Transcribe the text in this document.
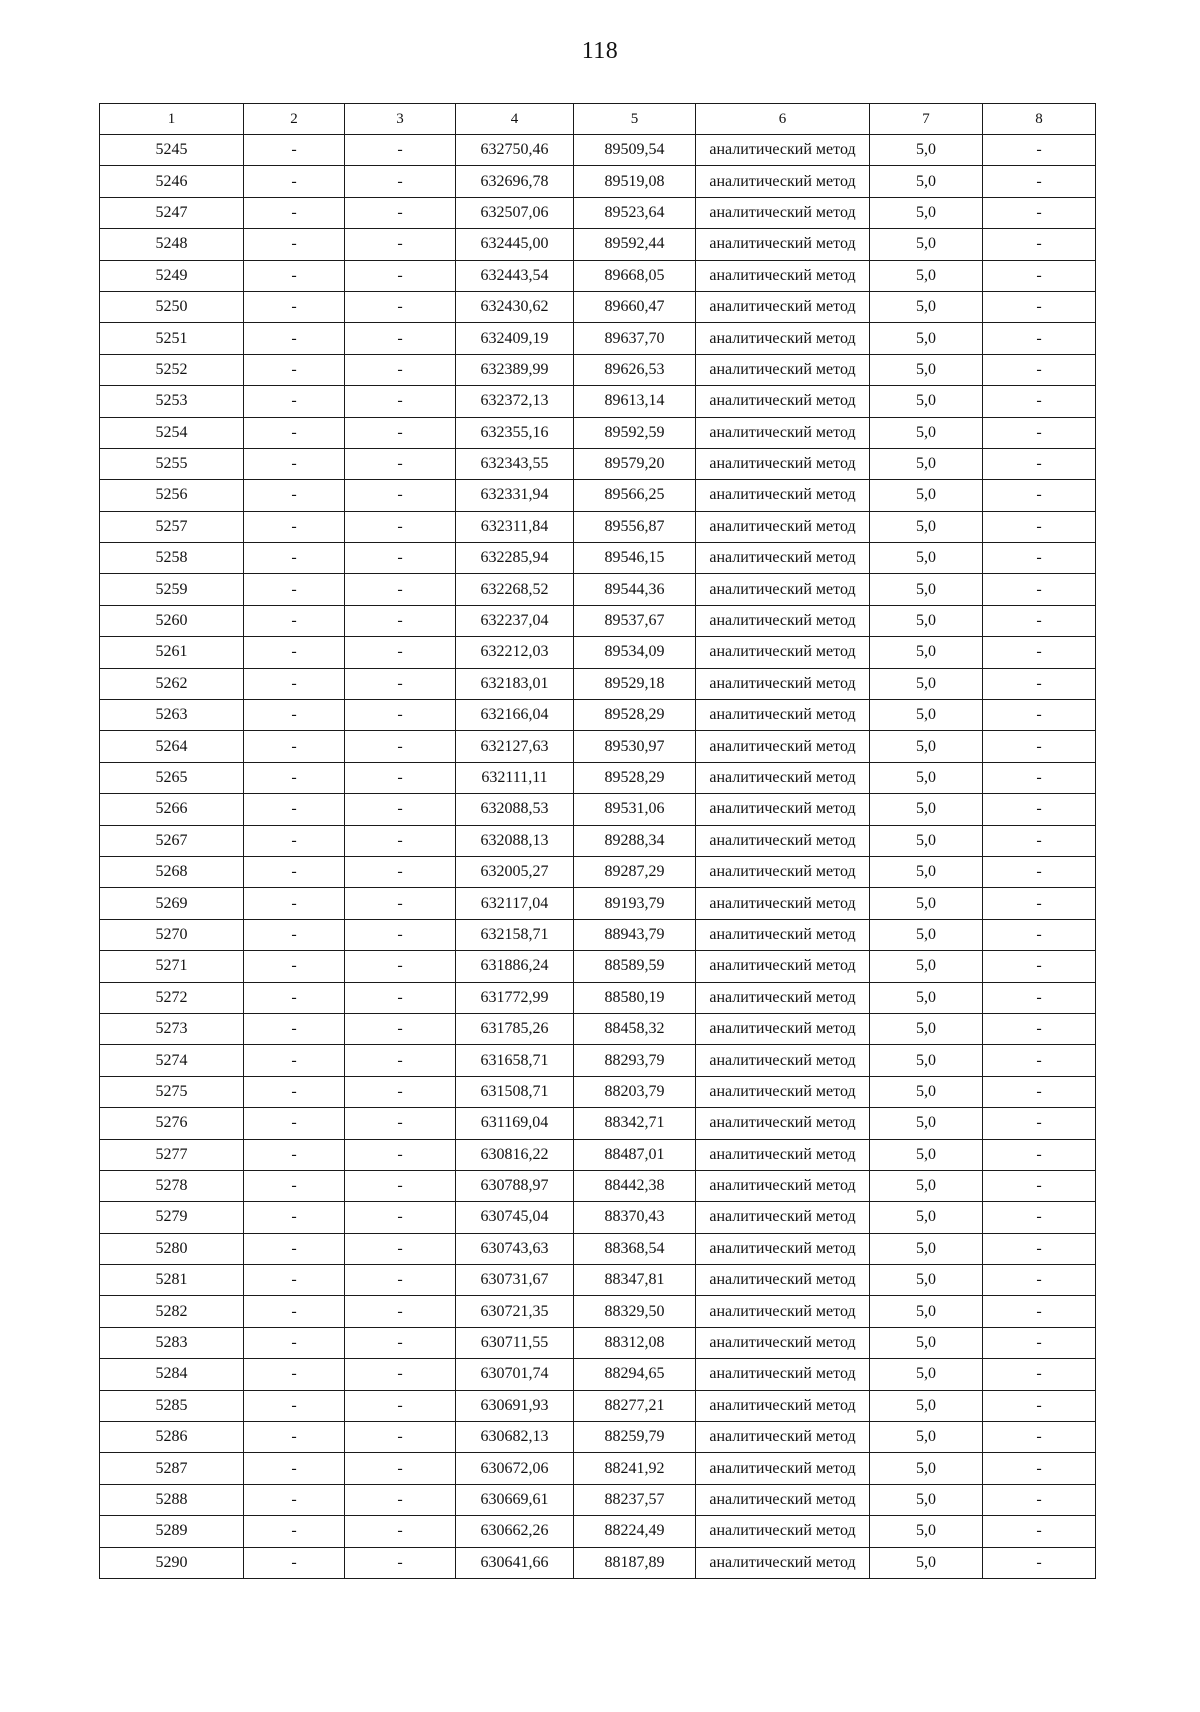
118
1	2	3	4	5	6	7	8
5245	-	-	632750,46	89509,54	аналитический метод	5,0	-
5246	-	-	632696,78	89519,08	аналитический метод	5,0	-
5247	-	-	632507,06	89523,64	аналитический метод	5,0	-
5248	-	-	632445,00	89592,44	аналитический метод	5,0	-
5249	-	-	632443,54	89668,05	аналитический метод	5,0	-
5250	-	-	632430,62	89660,47	аналитический метод	5,0	-
5251	-	-	632409,19	89637,70	аналитический метод	5,0	-
5252	-	-	632389,99	89626,53	аналитический метод	5,0	-
5253	-	-	632372,13	89613,14	аналитический метод	5,0	-
5254	-	-	632355,16	89592,59	аналитический метод	5,0	-
5255	-	-	632343,55	89579,20	аналитический метод	5,0	-
5256	-	-	632331,94	89566,25	аналитический метод	5,0	-
5257	-	-	632311,84	89556,87	аналитический метод	5,0	-
5258	-	-	632285,94	89546,15	аналитический метод	5,0	-
5259	-	-	632268,52	89544,36	аналитический метод	5,0	-
5260	-	-	632237,04	89537,67	аналитический метод	5,0	-
5261	-	-	632212,03	89534,09	аналитический метод	5,0	-
5262	-	-	632183,01	89529,18	аналитический метод	5,0	-
5263	-	-	632166,04	89528,29	аналитический метод	5,0	-
5264	-	-	632127,63	89530,97	аналитический метод	5,0	-
5265	-	-	632111,11	89528,29	аналитический метод	5,0	-
5266	-	-	632088,53	89531,06	аналитический метод	5,0	-
5267	-	-	632088,13	89288,34	аналитический метод	5,0	-
5268	-	-	632005,27	89287,29	аналитический метод	5,0	-
5269	-	-	632117,04	89193,79	аналитический метод	5,0	-
5270	-	-	632158,71	88943,79	аналитический метод	5,0	-
5271	-	-	631886,24	88589,59	аналитический метод	5,0	-
5272	-	-	631772,99	88580,19	аналитический метод	5,0	-
5273	-	-	631785,26	88458,32	аналитический метод	5,0	-
5274	-	-	631658,71	88293,79	аналитический метод	5,0	-
5275	-	-	631508,71	88203,79	аналитический метод	5,0	-
5276	-	-	631169,04	88342,71	аналитический метод	5,0	-
5277	-	-	630816,22	88487,01	аналитический метод	5,0	-
5278	-	-	630788,97	88442,38	аналитический метод	5,0	-
5279	-	-	630745,04	88370,43	аналитический метод	5,0	-
5280	-	-	630743,63	88368,54	аналитический метод	5,0	-
5281	-	-	630731,67	88347,81	аналитический метод	5,0	-
5282	-	-	630721,35	88329,50	аналитический метод	5,0	-
5283	-	-	630711,55	88312,08	аналитический метод	5,0	-
5284	-	-	630701,74	88294,65	аналитический метод	5,0	-
5285	-	-	630691,93	88277,21	аналитический метод	5,0	-
5286	-	-	630682,13	88259,79	аналитический метод	5,0	-
5287	-	-	630672,06	88241,92	аналитический метод	5,0	-
5288	-	-	630669,61	88237,57	аналитический метод	5,0	-
5289	-	-	630662,26	88224,49	аналитический метод	5,0	-
5290	-	-	630641,66	88187,89	аналитический метод	5,0	-
